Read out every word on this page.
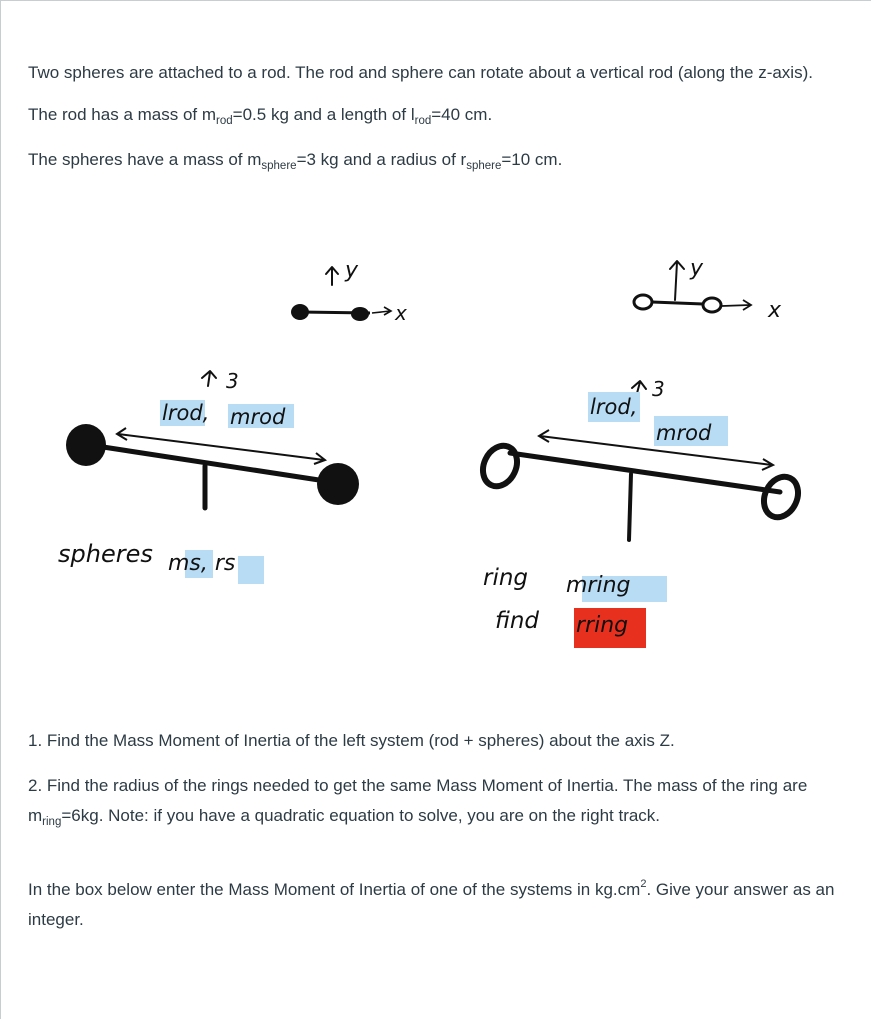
Two spheres are attached to a rod. The rod and sphere can rotate about a vertical rod (along the z-axis).

The rod has a mass of $m_{rod}=0.5$ kg and a length of $l_{rod}=40$ cm.

The spheres have a mass of $m_{sphere}=3$ kg and a radius of $r_{sphere}=10$ cm.

y	y
x	x
3	3
lrod, mrod
spheres ms, rs
lrod,
mrod
ring mring
find rring

1. Find the Mass Moment of Inertia of the left system (rod + spheres) about the axis Z.

2. Find the radius of the rings needed to get the same Mass Moment of Inertia. The mass of the ring are $m_{ring}=6kg$. Note: if you have a quadratic equation to solve, you are on the right track.

In the box below enter the Mass Moment of Inertia of one of the systems in $kg.cm^2$. Give your answer as an integer.
